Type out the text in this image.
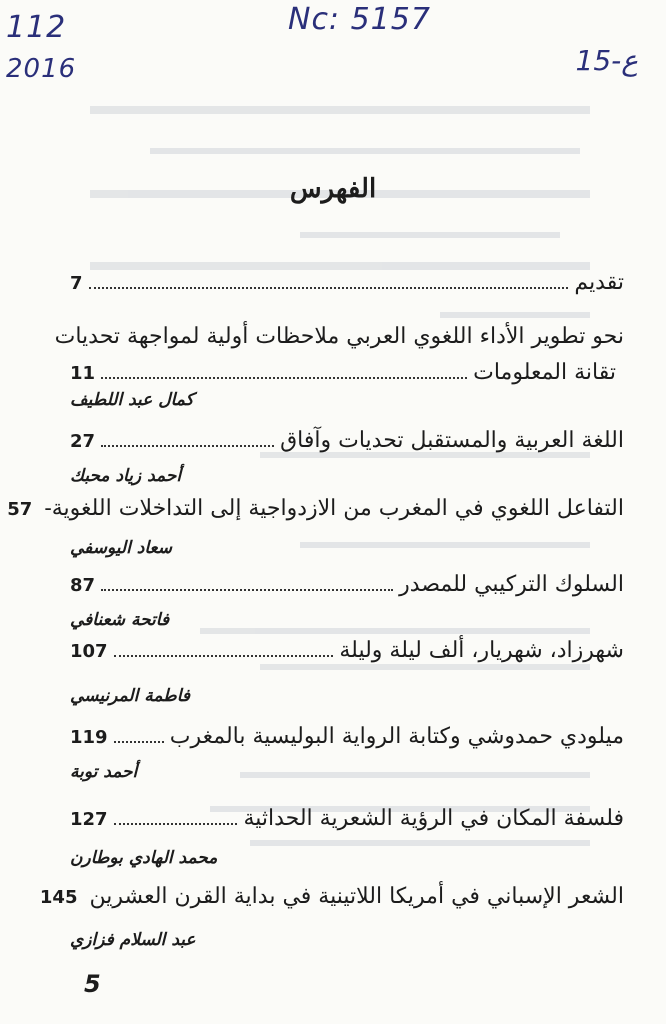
112

2016

Nc: 5157

15-ع

الفهرس
تقديم
7
نحو تطوير الأداء اللغوي العربي ملاحظات أولية لمواجهة تحديات
تقانة المعلومات
11

كمال عبد اللطيف

اللغة العربية والمستقبل تحديات وآفاق
27

أحمد زياد محبك

التفاعل اللغوي في المغرب من الازدواجية إلى التداخلات اللغوية-
57

سعاد اليوسفي

السلوك التركيبي للمصدر
87

فاتحة شعنافي

شهرزاد، شهريار، ألف ليلة وليلة
107

فاطمة المرنيسي

ميلودي حمدوشي وكتابة الرواية البوليسية بالمغرب
119

أحمد توبة

فلسفة المكان في الرؤية الشعرية الحداثية
127

محمد الهادي بوطارن

الشعر الإسباني في أمريكا اللاتينية في بداية القرن العشرين
145

عبد السلام فزازي

5
